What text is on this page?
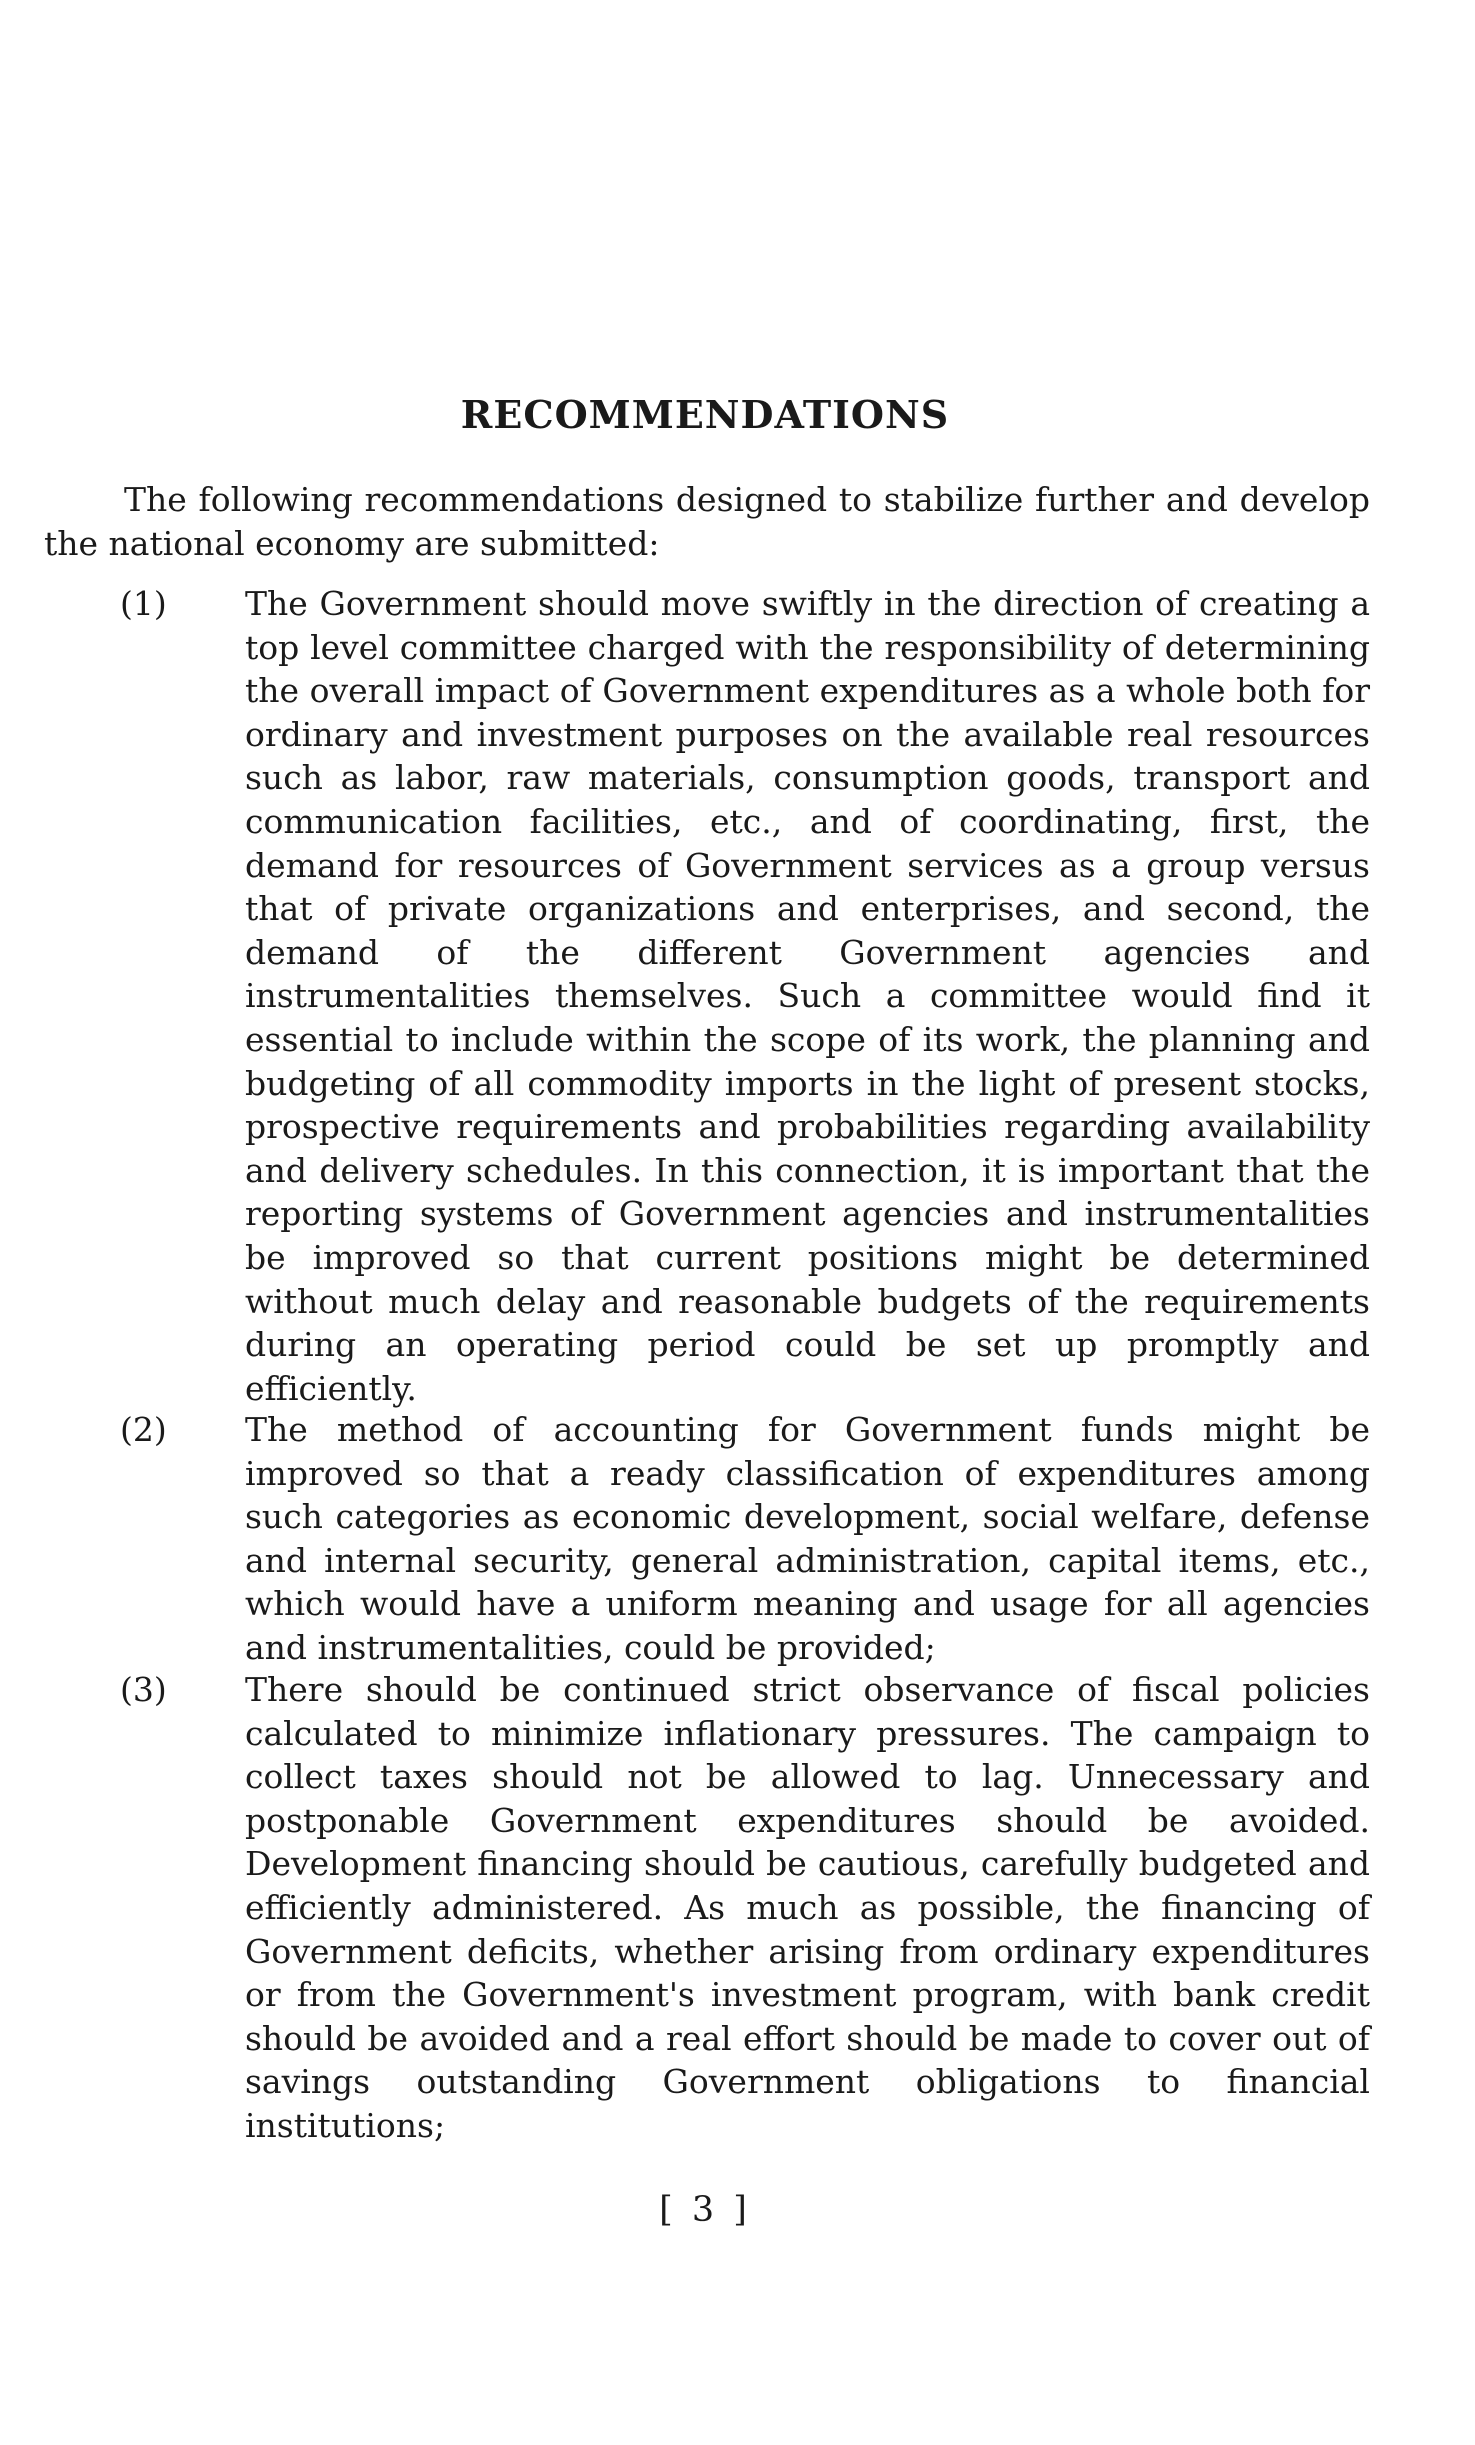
RECOMMENDATIONS
The following recommendations designed to stabilize further and develop the national economy are submitted:
(1)	The Government should move swiftly in the direction of creating a top level committee charged with the responsibility of determining the overall impact of Government expenditures as a whole both for ordinary and investment purposes on the available real resources such as labor, raw materials, consumption goods, transport and communication facilities, etc., and of coordinating, first, the demand for resources of Government services as a group versus that of private organizations and enterprises, and second, the demand of the different Government agencies and instrumentalities themselves. Such a committee would find it essential to include within the scope of its work, the planning and budgeting of all commodity imports in the light of present stocks, prospective requirements and probabilities regarding availability and delivery schedules. In this connection, it is important that the reporting systems of Government agencies and instrumentalities be improved so that current positions might be determined without much delay and reasonable budgets of the requirements during an operating period could be set up promptly and efficiently.
(2)	The method of accounting for Government funds might be improved so that a ready classification of expenditures among such categories as economic development, social welfare, defense and internal security, general administration, capital items, etc., which would have a uniform meaning and usage for all agencies and instrumentalities, could be provided;
(3)	There should be continued strict observance of fiscal policies calculated to minimize inflationary pressures. The campaign to collect taxes should not be allowed to lag. Unnecessary and postponable Government expenditures should be avoided. Development financing should be cautious, carefully budgeted and efficiently administered. As much as possible, the financing of Government deficits, whether arising from ordinary expenditures or from the Government's investment program, with bank credit should be avoided and a real effort should be made to cover out of savings outstanding Government obligations to financial institutions;
[ 3 ]
